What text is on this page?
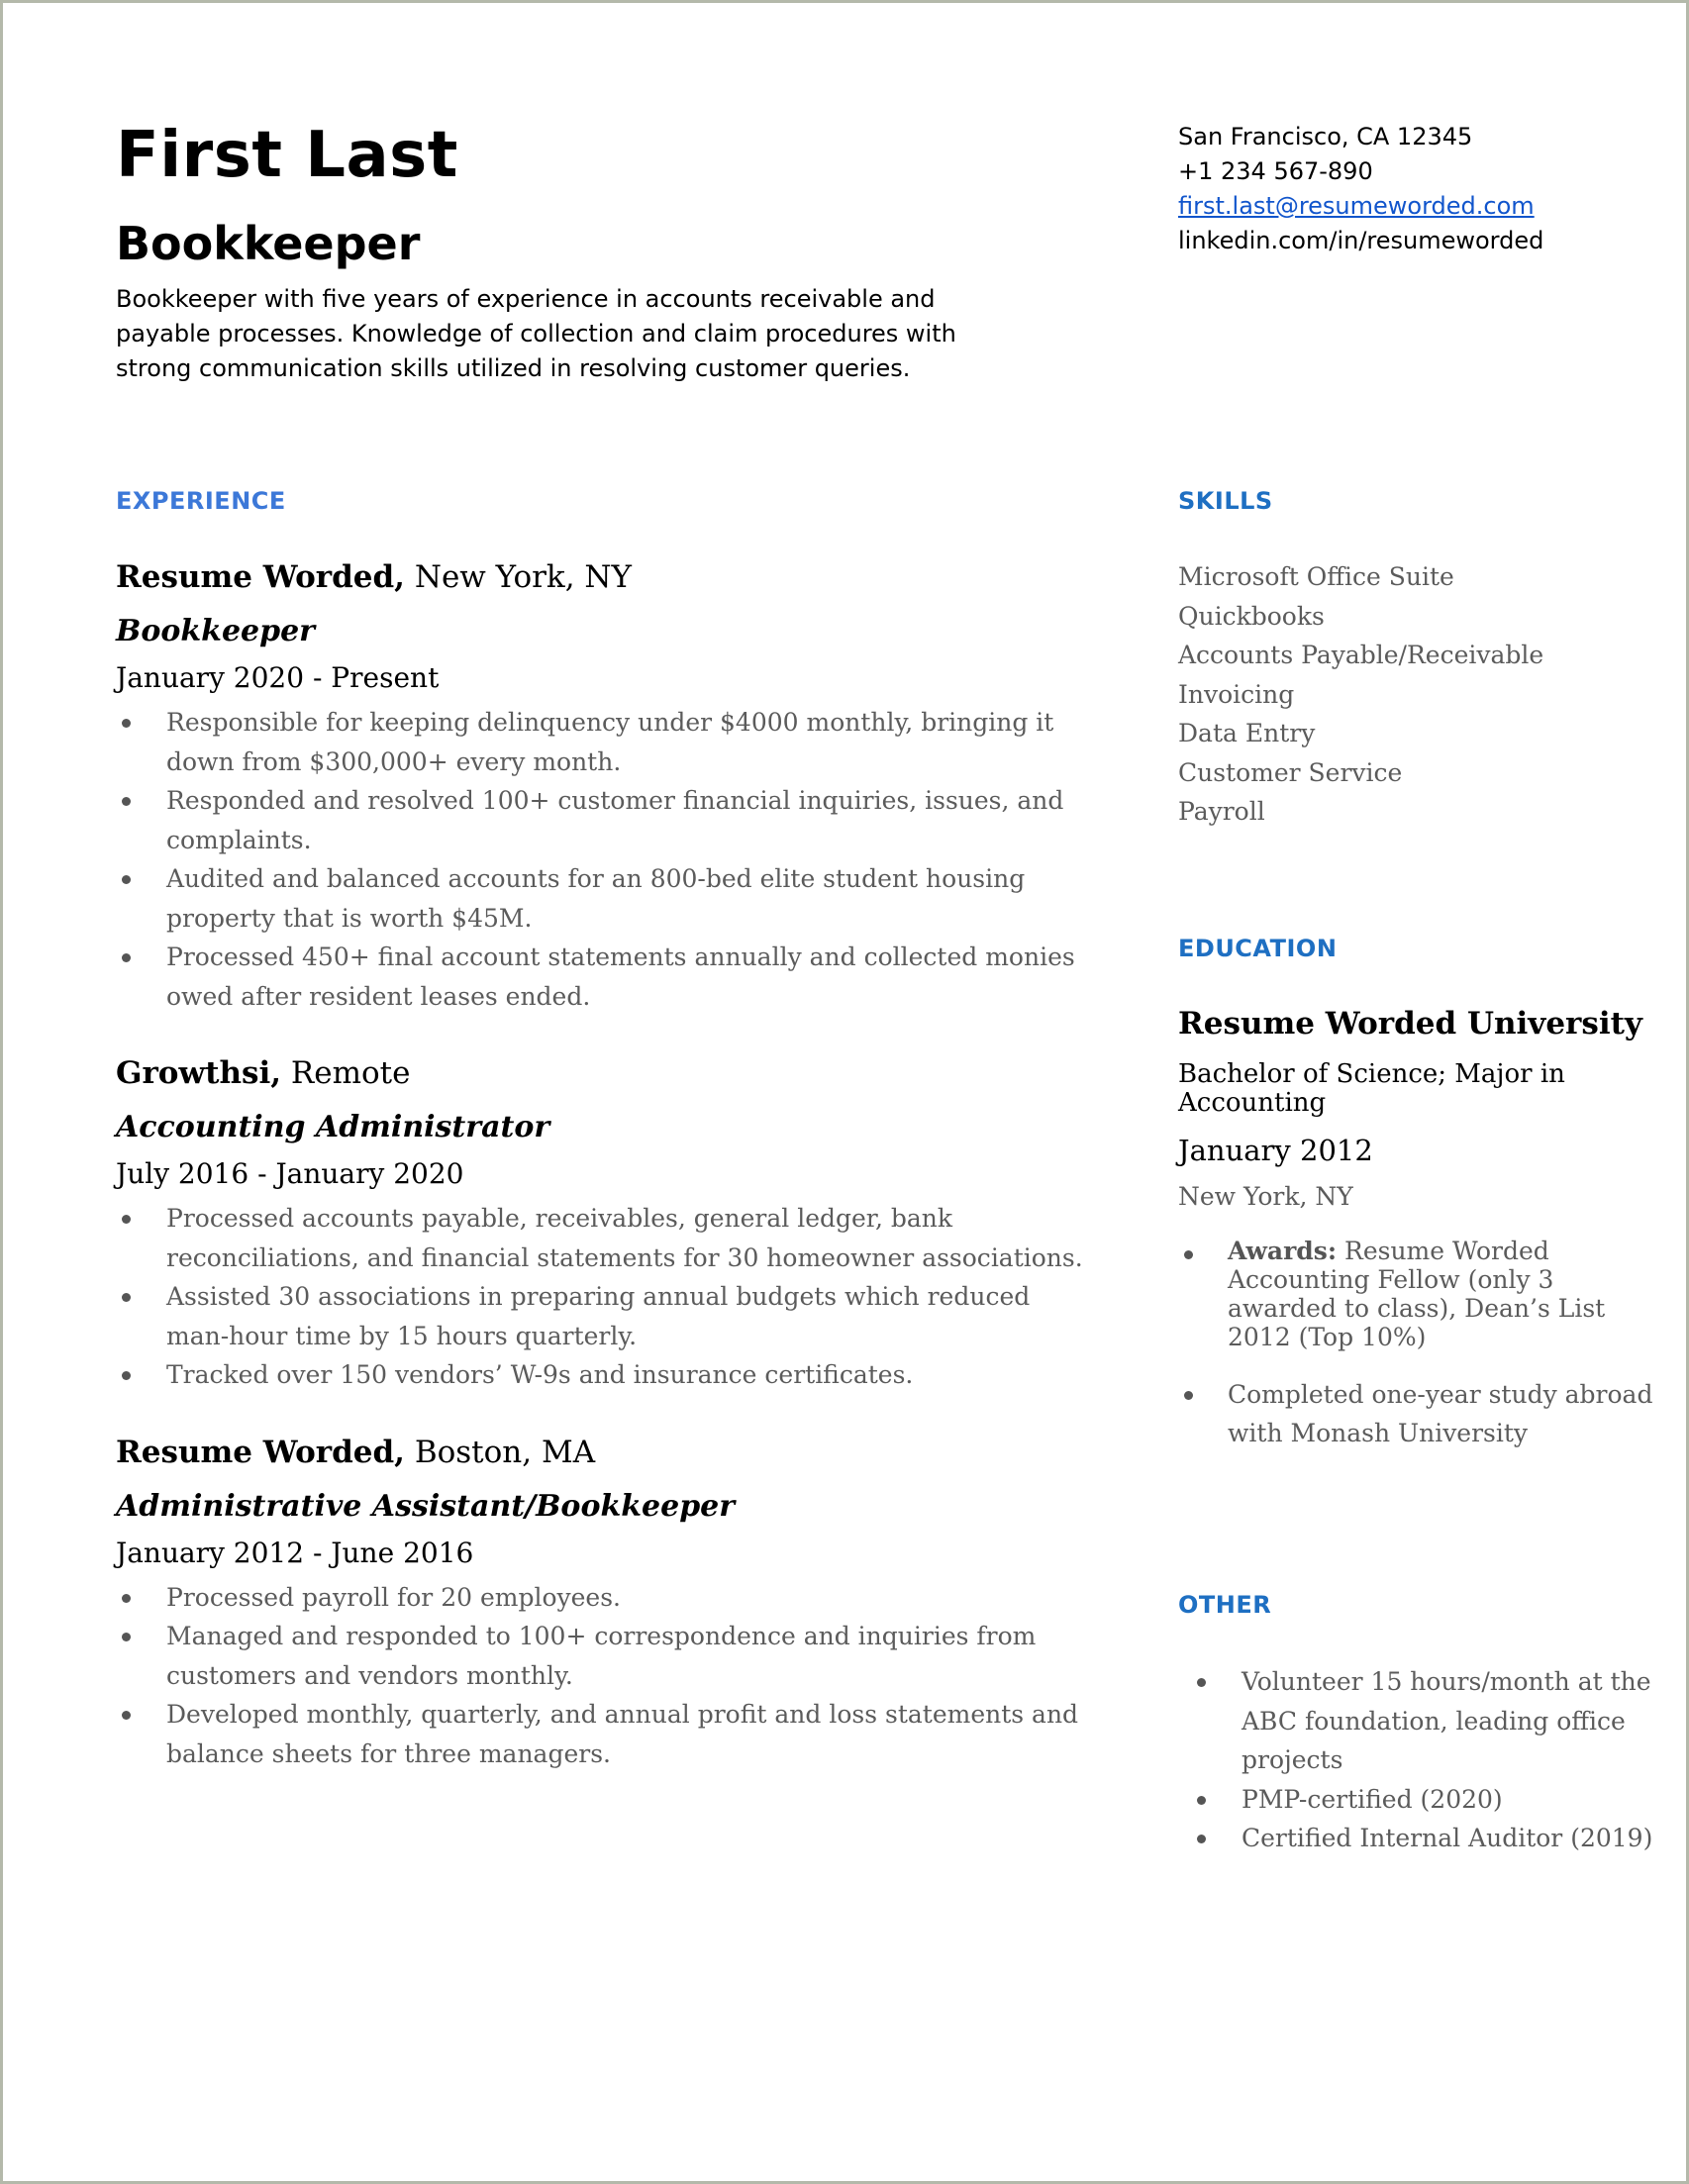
First Last
Bookkeeper

Bookkeeper with five years of experience in accounts receivable and payable processes. Knowledge of collection and claim procedures with strong communication skills utilized in resolving customer queries.

San Francisco, CA 12345
+1 234 567-890
first.last@resumeworded.com
linkedin.com/in/resumeworded
EXPERIENCE	SKILLS
EDUCATION
OTHER
Resume Worded, New York, NY
Bookkeeper
January 2020 - Present
Responsible for keeping delinquency under $4000 monthly, bringing it down from $300,000+ every month.
Responded and resolved 100+ customer financial inquiries, issues, and complaints.
Audited and balanced accounts for an 800-bed elite student housing property that is worth $45M.
Processed 450+ final account statements annually and collected monies owed after resident leases ended.
Growthsi, Remote
Accounting Administrator
July 2016 - January 2020
Processed accounts payable, receivables, general ledger, bank reconciliations, and financial statements for 30 homeowner associations.
Assisted 30 associations in preparing annual budgets which reduced man-hour time by 15 hours quarterly.
Tracked over 150 vendors’ W-9s and insurance certificates.
Resume Worded, Boston, MA
Administrative Assistant/Bookkeeper
January 2012 - June 2016
Processed payroll for 20 employees.
Managed and responded to 100+ correspondence and inquiries from customers and vendors monthly.
Developed monthly, quarterly, and annual profit and loss statements and balance sheets for three managers.
Microsoft Office Suite
Quickbooks
Accounts Payable/Receivable
Invoicing
Data Entry
Customer Service
Payroll
Resume Worded University
Bachelor of Science; Major in Accounting
January 2012
New York, NY
Awards: Resume Worded Accounting Fellow (only 3 awarded to class), Dean’s List 2012 (Top 10%)
Completed one-year study abroad with Monash University
Volunteer 15 hours/month at the ABC foundation, leading office projects
PMP-certified (2020)
Certified Internal Auditor (2019)
